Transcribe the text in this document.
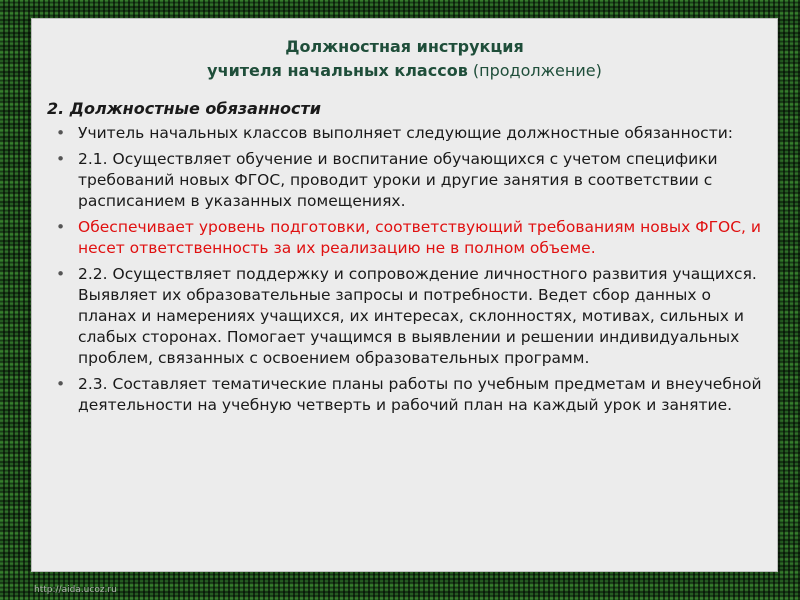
Должностная инструкция
учителя начальных классов (продолжение)
2. Должностные обязанности
• Учитель начальных классов выполняет следующие должностные обязанности:
• 2.1. Осуществляет обучение и воспитание обучающихся с учетом специфики требований новых ФГОС, проводит уроки и другие занятия в соответствии с расписанием в указанных помещениях.
• Обеспечивает уровень подготовки, соответствующий требованиям новых ФГОС, и несет ответственность за их реализацию не в полном объеме.
• 2.2. Осуществляет поддержку и сопровождение личностного развития учащихся. Выявляет их образовательные запросы и потребности. Ведет сбор данных о планах и намерениях учащихся, их интересах, склонностях, мотивах, сильных и слабых сторонах. Помогает учащимся в выявлении и решении индивидуальных проблем, связанных с освоением образовательных программ.
• 2.3. Составляет тематические планы работы по учебным предметам и внеучебной деятельности на учебную четверть и рабочий план на каждый урок и занятие.
http://aida.ucoz.ru
